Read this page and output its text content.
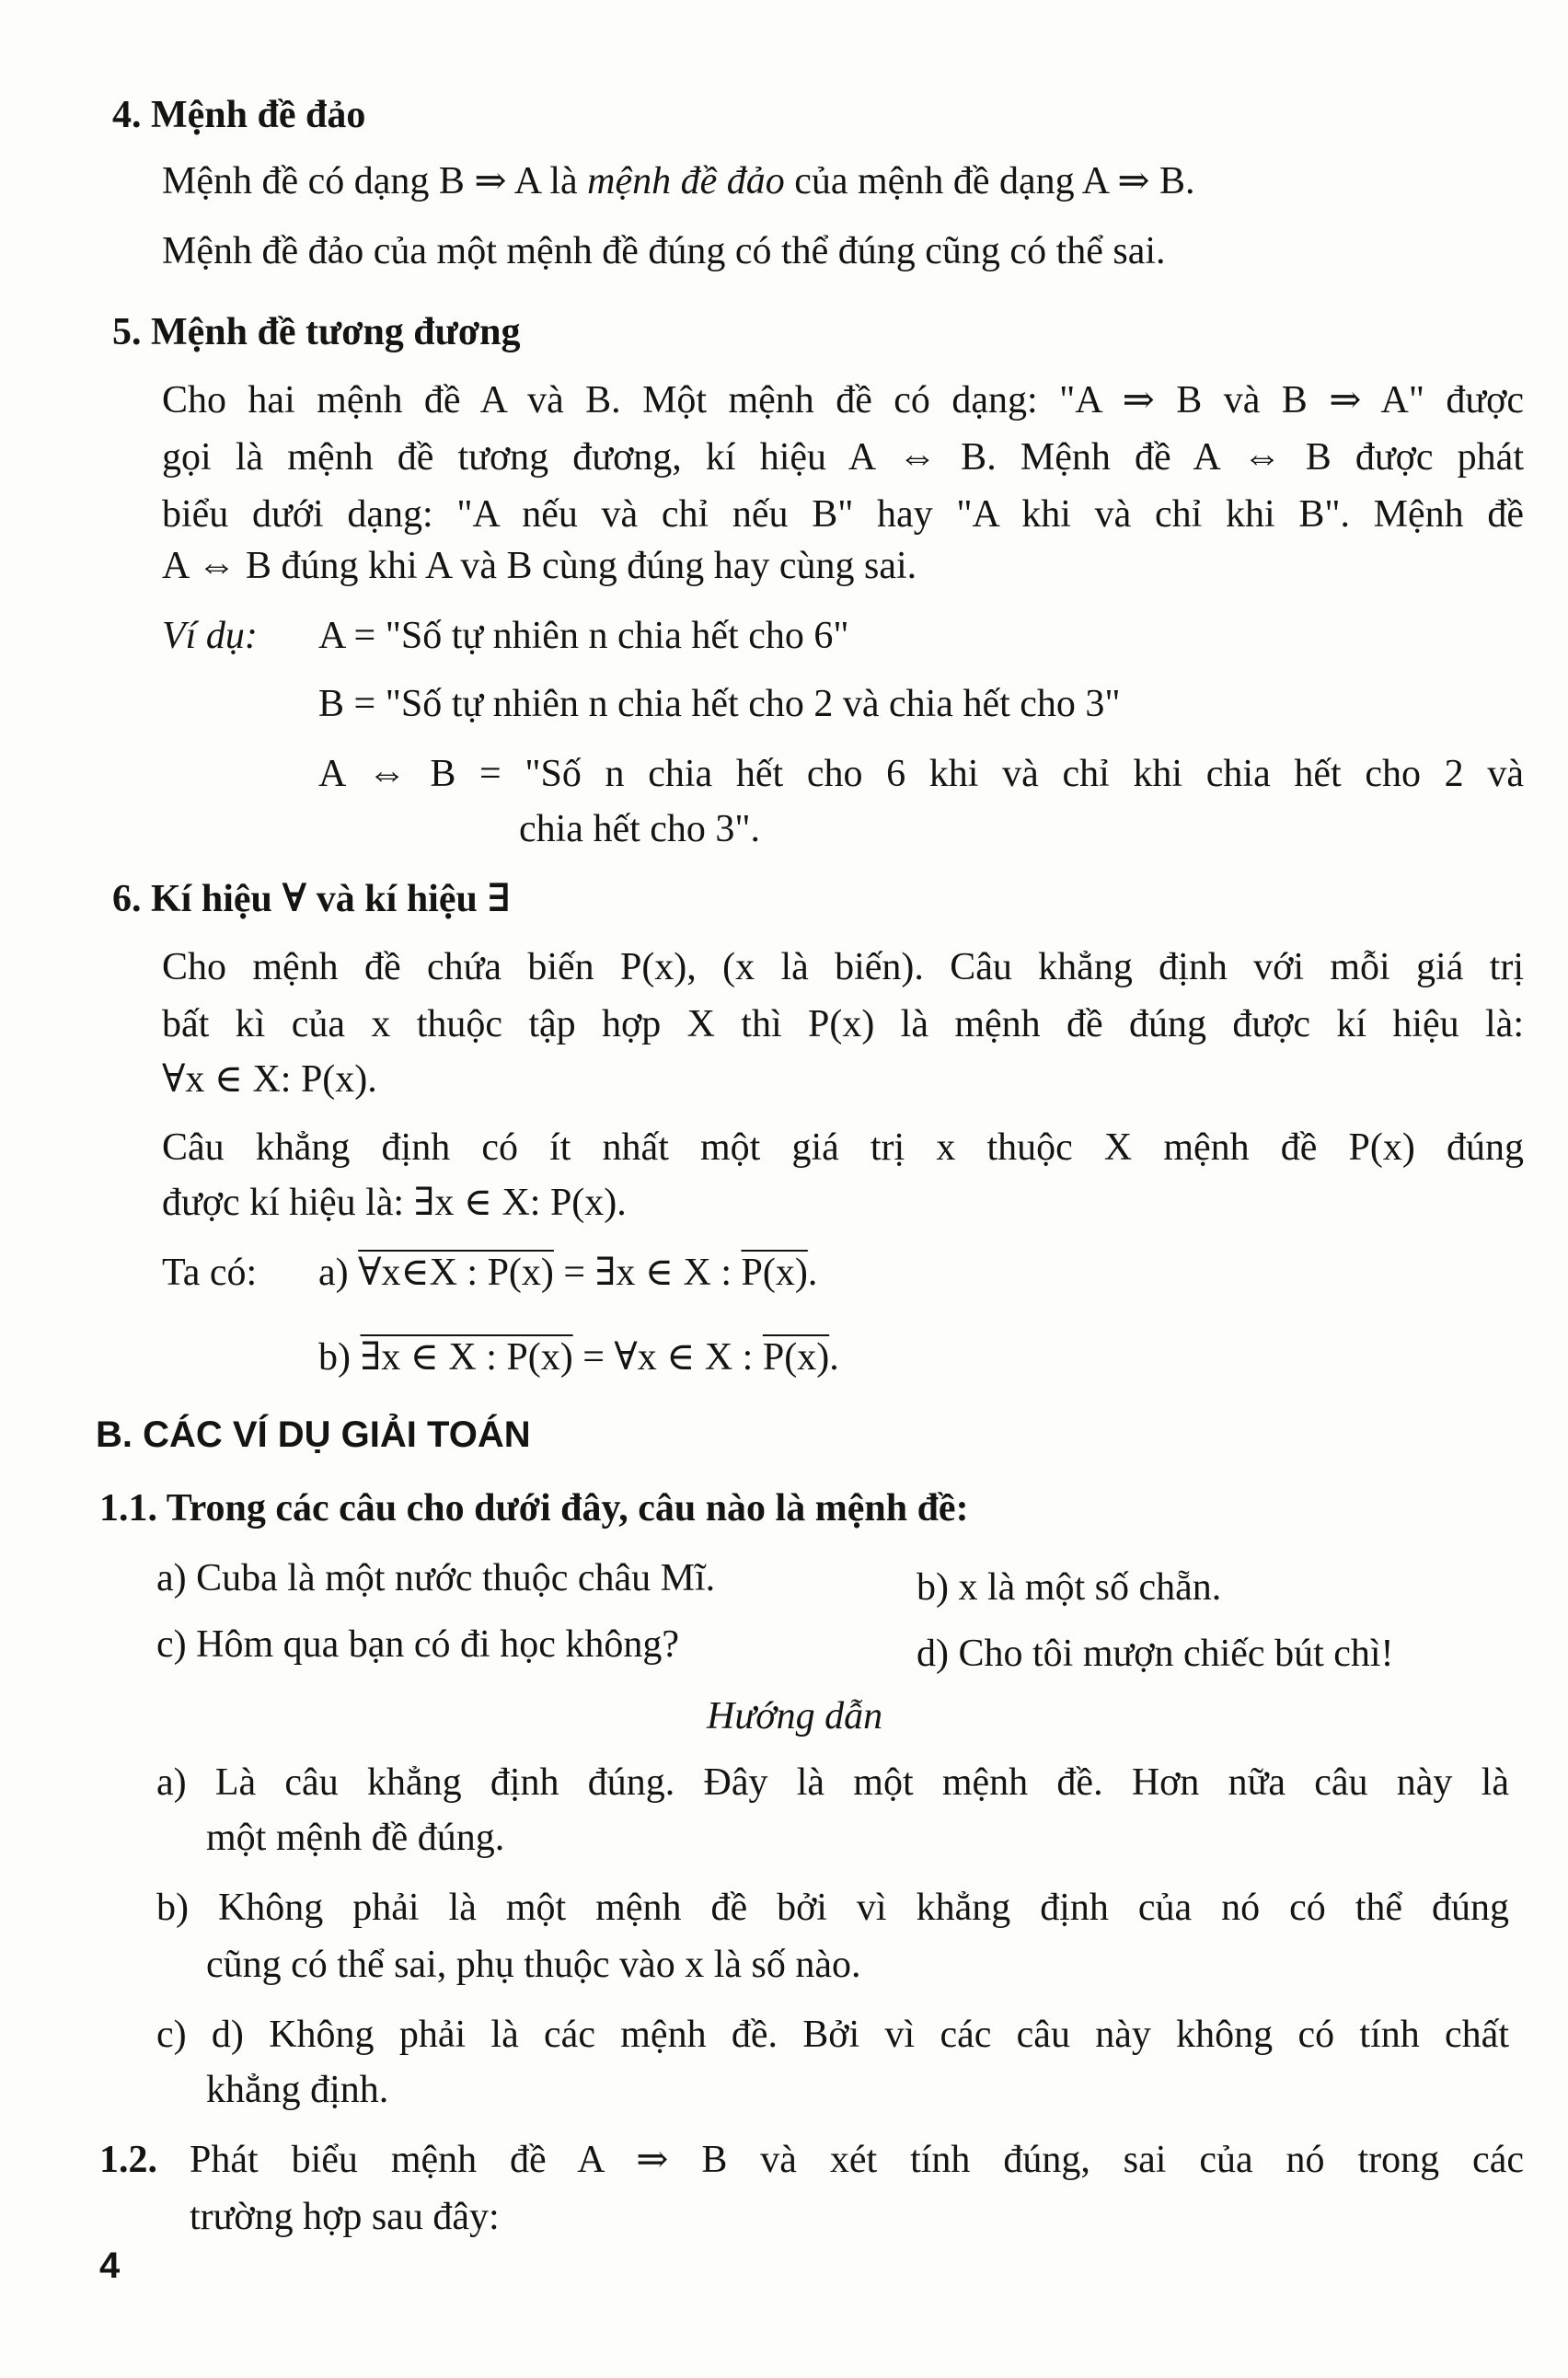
4. Mệnh đề đảo
Mệnh đề có dạng B ⇒ A là mệnh đề đảo của mệnh đề dạng A ⇒ B.
Mệnh đề đảo của một mệnh đề đúng có thể đúng cũng có thể sai.
5. Mệnh đề tương đương
Cho hai mệnh đề A và B. Một mệnh đề có dạng: "A ⇒ B và B ⇒ A" được
gọi là mệnh đề tương đương, kí hiệu A ⇔ B. Mệnh đề A ⇔ B được phát
biểu dưới dạng: "A nếu và chỉ nếu B" hay "A khi và chỉ khi B". Mệnh đề
A ⇔ B đúng khi A và B cùng đúng hay cùng sai.
Ví dụ: A = "Số tự nhiên n chia hết cho 6"
B = "Số tự nhiên n chia hết cho 2 và chia hết cho 3"
A ⇔ B = "Số n chia hết cho 6 khi và chỉ khi chia hết cho 2 và
chia hết cho 3".
6. Kí hiệu ∀ và kí hiệu ∃
Cho mệnh đề chứa biến P(x), (x là biến). Câu khẳng định với mỗi giá trị
bất kì của x thuộc tập hợp X thì P(x) là mệnh đề đúng được kí hiệu là:
∀x ∈ X: P(x).
Câu khẳng định có ít nhất một giá trị x thuộc X mệnh đề P(x) đúng
được kí hiệu là: ∃x ∈ X: P(x).
Ta có: a) ∀x∈X : P(x) = ∃x ∈ X : P(x).
b) ∃x ∈ X : P(x) = ∀x ∈ X : P(x).
B. CÁC VÍ DỤ GIẢI TOÁN
1.1. Trong các câu cho dưới đây, câu nào là mệnh đề:
a) Cuba là một nước thuộc châu Mĩ.	b) x là một số chẵn.
c) Hôm qua bạn có đi học không?	d) Cho tôi mượn chiếc bút chì!
Hướng dẫn
a) Là câu khẳng định đúng. Đây là một mệnh đề. Hơn nữa câu này là
một mệnh đề đúng.
b) Không phải là một mệnh đề bởi vì khẳng định của nó có thể đúng
cũng có thể sai, phụ thuộc vào x là số nào.
c) d) Không phải là các mệnh đề. Bởi vì các câu này không có tính chất
khẳng định.
1.2. Phát biểu mệnh đề A ⇒ B và xét tính đúng, sai của nó trong các
trường hợp sau đây:
4
